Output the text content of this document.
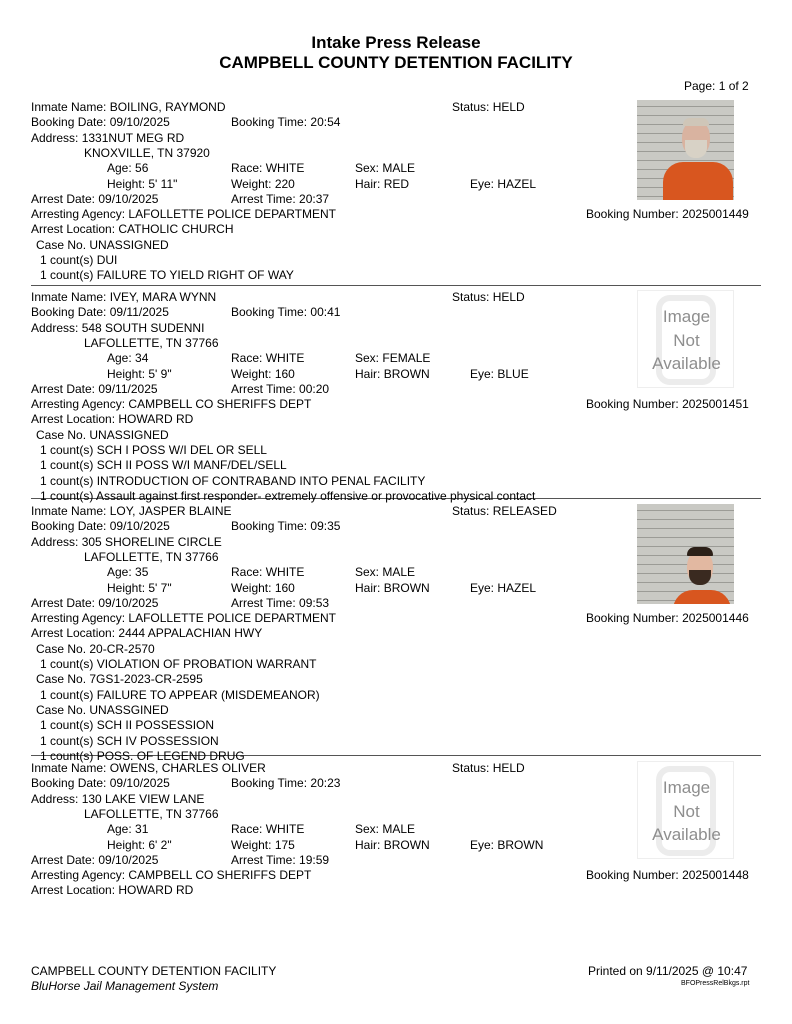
Intake Press Release
CAMPBELL COUNTY DETENTION FACILITY
Page: 1 of 2
Inmate Name: BOILING, RAYMOND	Status: HELD
Booking Date: 09/10/2025	Booking Time: 20:54
Address: 1331NUT MEG RD
KNOXVILLE, TN 37920
Age: 56	Race: WHITE	Sex: MALE
Height: 5' 11"	Weight: 220	Hair: RED	Eye: HAZEL
Arrest Date: 09/10/2025	Arrest Time: 20:37
Arresting Agency: LAFOLLETTE POLICE DEPARTMENT	Booking Number: 2025001449
Arrest Location: CATHOLIC CHURCH
Case No. UNASSIGNED
1 count(s) DUI
1 count(s) FAILURE TO YIELD RIGHT OF WAY
Inmate Name: IVEY, MARA WYNN	Status: HELD
Booking Date: 09/11/2025	Booking Time: 00:41
Address: 548 SOUTH SUDENNI
LAFOLLETTE, TN 37766
Age: 34	Race: WHITE	Sex: FEMALE
Height: 5' 9"	Weight: 160	Hair: BROWN	Eye: BLUE
Arrest Date: 09/11/2025	Arrest Time: 00:20
Arresting Agency: CAMPBELL CO SHERIFFS DEPT	Booking Number: 2025001451
Arrest Location: HOWARD RD
Case No. UNASSIGNED
1 count(s) SCH I POSS W/I DEL OR SELL
1 count(s) SCH II POSS W/I MANF/DEL/SELL
1 count(s) INTRODUCTION OF CONTRABAND INTO PENAL FACILITY
1 count(s) Assault against first responder- extremely offensive or provocative physical contact
Image
Not
Available
Inmate Name: LOY, JASPER BLAINE	Status: RELEASED
Booking Date: 09/10/2025	Booking Time: 09:35
Address: 305 SHORELINE CIRCLE
LAFOLLETTE, TN 37766
Age: 35	Race: WHITE	Sex: MALE
Height: 5' 7"	Weight: 160	Hair: BROWN	Eye: HAZEL
Arrest Date: 09/10/2025	Arrest Time: 09:53
Arresting Agency: LAFOLLETTE POLICE DEPARTMENT	Booking Number: 2025001446
Arrest Location: 2444 APPALACHIAN HWY
Case No. 20-CR-2570
1 count(s) VIOLATION OF PROBATION WARRANT
Case No. 7GS1-2023-CR-2595
1 count(s) FAILURE TO APPEAR (MISDEMEANOR)
Case No. UNASSGINED
1 count(s) SCH II POSSESSION
1 count(s) SCH IV POSSESSION
1 count(s) POSS. OF LEGEND DRUG
Inmate Name: OWENS, CHARLES OLIVER	Status: HELD
Booking Date: 09/10/2025	Booking Time: 20:23
Address: 130 LAKE VIEW LANE
LAFOLLETTE, TN 37766
Age: 31	Race: WHITE	Sex: MALE
Height: 6' 2"	Weight: 175	Hair: BROWN	Eye: BROWN
Arrest Date: 09/10/2025	Arrest Time: 19:59
Arresting Agency: CAMPBELL CO SHERIFFS DEPT	Booking Number: 2025001448
Arrest Location: HOWARD RD
Image
Not
Available
CAMPBELL COUNTY DETENTION FACILITY
BluHorse Jail Management System
Printed on 9/11/2025 @ 10:47
BFOPressRelBkgs.rpt
